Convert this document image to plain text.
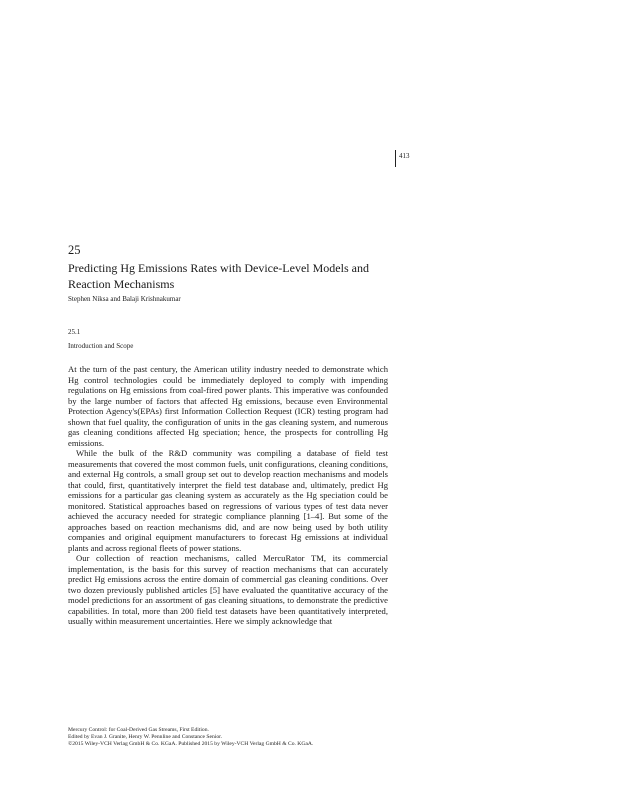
413
25
Predicting Hg Emissions Rates with Device-Level Models and Reaction Mechanisms
Stephen Niksa and Balaji Krishnakumar
25.1
Introduction and Scope

At the turn of the past century, the American utility industry needed to demonstrate which Hg control technologies could be immediately deployed to comply with impending regulations on Hg emissions from coal-fired power plants. This imperative was confounded by the large number of factors that affected Hg emissions, because even Environmental Protection Agency's(EPAs) first Information Collection Request (ICR) testing program had shown that fuel quality, the configuration of units in the gas cleaning system, and numerous gas cleaning conditions affected Hg speciation; hence, the prospects for controlling Hg emissions.

While the bulk of the R&D community was compiling a database of field test measurements that covered the most common fuels, unit configurations, cleaning conditions, and external Hg controls, a small group set out to develop reaction mechanisms and models that could, first, quantitatively interpret the field test database and, ultimately, predict Hg emissions for a particular gas cleaning system as accurately as the Hg speciation could be monitored. Statistical approaches based on regressions of various types of test data never achieved the accuracy needed for strategic compliance planning [1–4]. But some of the approaches based on reaction mechanisms did, and are now being used by both utility companies and original equipment manufacturers to forecast Hg emissions at individual plants and across regional fleets of power stations.

Our collection of reaction mechanisms, called MercuRator TM, its commercial implementation, is the basis for this survey of reaction mechanisms that can accurately predict Hg emissions across the entire domain of commercial gas cleaning conditions. Over two dozen previously published articles [5] have evaluated the quantitative accuracy of the model predictions for an assortment of gas cleaning situations, to demonstrate the predictive capabilities. In total, more than 200 field test datasets have been quantitatively interpreted, usually within measurement uncertainties. Here we simply acknowledge that

Mercury Control: for Coal-Derived Gas Streams, First Edition.
Edited by Evan J. Granite, Henry W. Pennline and Constance Senior.
©2015 Wiley-VCH Verlag GmbH & Co. KGaA. Published 2015 by Wiley-VCH Verlag GmbH & Co. KGaA.
